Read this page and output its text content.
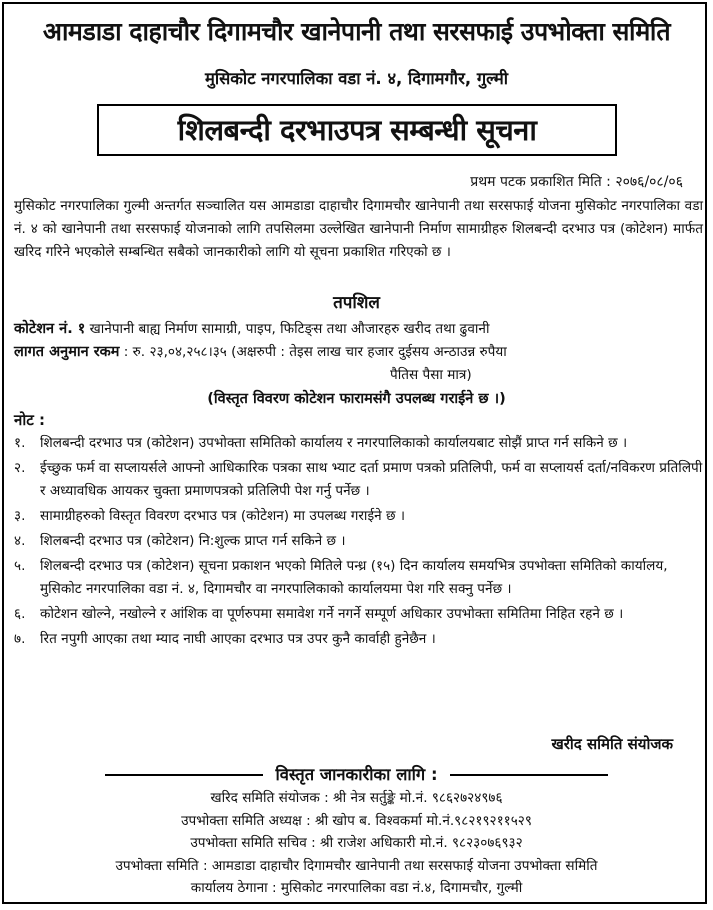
आमडाडा दाहाचौर दिगामचौर खानेपानी तथा सरसफाई उपभोक्ता समिति
मुसिकोट नगरपालिका वडा नं. ४, दिगामगौर, गुल्मी
शिलबन्दी दरभाउपत्र सम्बन्धी सूचना
प्रथम पटक प्रकाशित मिति : २०७६/०८/०६
मुसिकोट नगरपालिका गुल्मी अन्तर्गत सञ्चालित यस आमडाडा दाहाचौर दिगामचौर खानेपानी तथा सरसफाई योजना मुसिकोट नगरपालिका वडा नं. ४ को खानेपानी तथा सरसफाई योजनाको लागि तपसिलमा उल्लेखित खानेपानी निर्माण सामाग्रीहरु शिलबन्दी दरभाउ पत्र (कोटेशन) मार्फत खरिद गरिने भएकोले सम्बन्धित सबैको जानकारीको लागि यो सूचना प्रकाशित गरिएको छ ।
तपशिल
कोटेशन नं. १ खानेपानी बाह्य निर्माण सामाग्री, पाइप, फिटिङ्स तथा औजारहरु खरीद तथा ढुवानी
लागत अनुमान रकम : रु. २३,०४,२५८।३५ (अक्षरुपी : तेइस लाख चार हजार दुईसय अन्ठाउन्न रुपैया
पैतिस पैसा मात्र)
(विस्तृत विवरण कोटेशन फारामसंगै उपलब्ध गराईने छ ।)
नोट :
१.	शिलबन्दी दरभाउ पत्र (कोटेशन) उपभोक्ता समितिको कार्यालय र नगरपालिकाको कार्यालयबाट सोझैं प्राप्त गर्न सकिने छ ।
२.	ईच्छुक फर्म वा सप्लायर्सले आफ्नो आधिकारिक पत्रका साथ भ्याट दर्ता प्रमाण पत्रको प्रतिलिपी, फर्म वा सप्लायर्स दर्ता/नविकरण प्रतिलिपी र अध्यावधिक आयकर चुक्ता प्रमाणपत्रको प्रतिलिपी पेश गर्नु पर्नेछ ।
३.	सामाग्रीहरुको विस्तृत विवरण दरभाउ पत्र (कोटेशन) मा उपलब्ध गराईने छ ।
४.	शिलबन्दी दरभाउ पत्र (कोटेशन) नि:शुल्क प्राप्त गर्न सकिने छ ।
५.	शिलबन्दी दरभाउ पत्र (कोटेशन) सूचना प्रकाशन भएको मितिले पन्ध्र (१५) दिन कार्यालय समयभित्र उपभोक्ता समितिको कार्यालय, मुसिकोट नगरपालिका वडा नं. ४, दिगामचौर वा नगरपालिकाको कार्यालयमा पेश गरि सक्नु पर्नेछ ।
६.	कोटेशन खोल्ने, नखोल्ने र आंशिक वा पूर्णरुपमा समावेश गर्ने नगर्ने सम्पूर्ण अधिकार उपभोक्ता समितिमा निहित रहने छ ।
७.	रित नपुगी आएका तथा म्याद नाघी आएका दरभाउ पत्र उपर कुनै कार्वाही हुनेछैन ।
खरीद समिति संयोजक
विस्तृत जानकारीका लागि :
खरिद समिति संयोजक : श्री नेत्र सर्तुङ्के मो.नं. ९८६२७२४९७६
उपभोक्ता समिति अध्यक्ष : श्री खोप ब. विश्वकर्मा मो.नं.९८२१९२११५२९
उपभोक्ता समिति सचिव : श्री राजेश अधिकारी मो.नं. ९८२३०७६९३२
उपभोक्ता समिति : आमडाडा दाहाचौर दिगामचौर खानेपानी तथा सरसफाई योजना उपभोक्ता समिति
कार्यालय ठेगाना : मुसिकोट नगरपालिका वडा नं.४, दिगामचौर, गुल्मी
